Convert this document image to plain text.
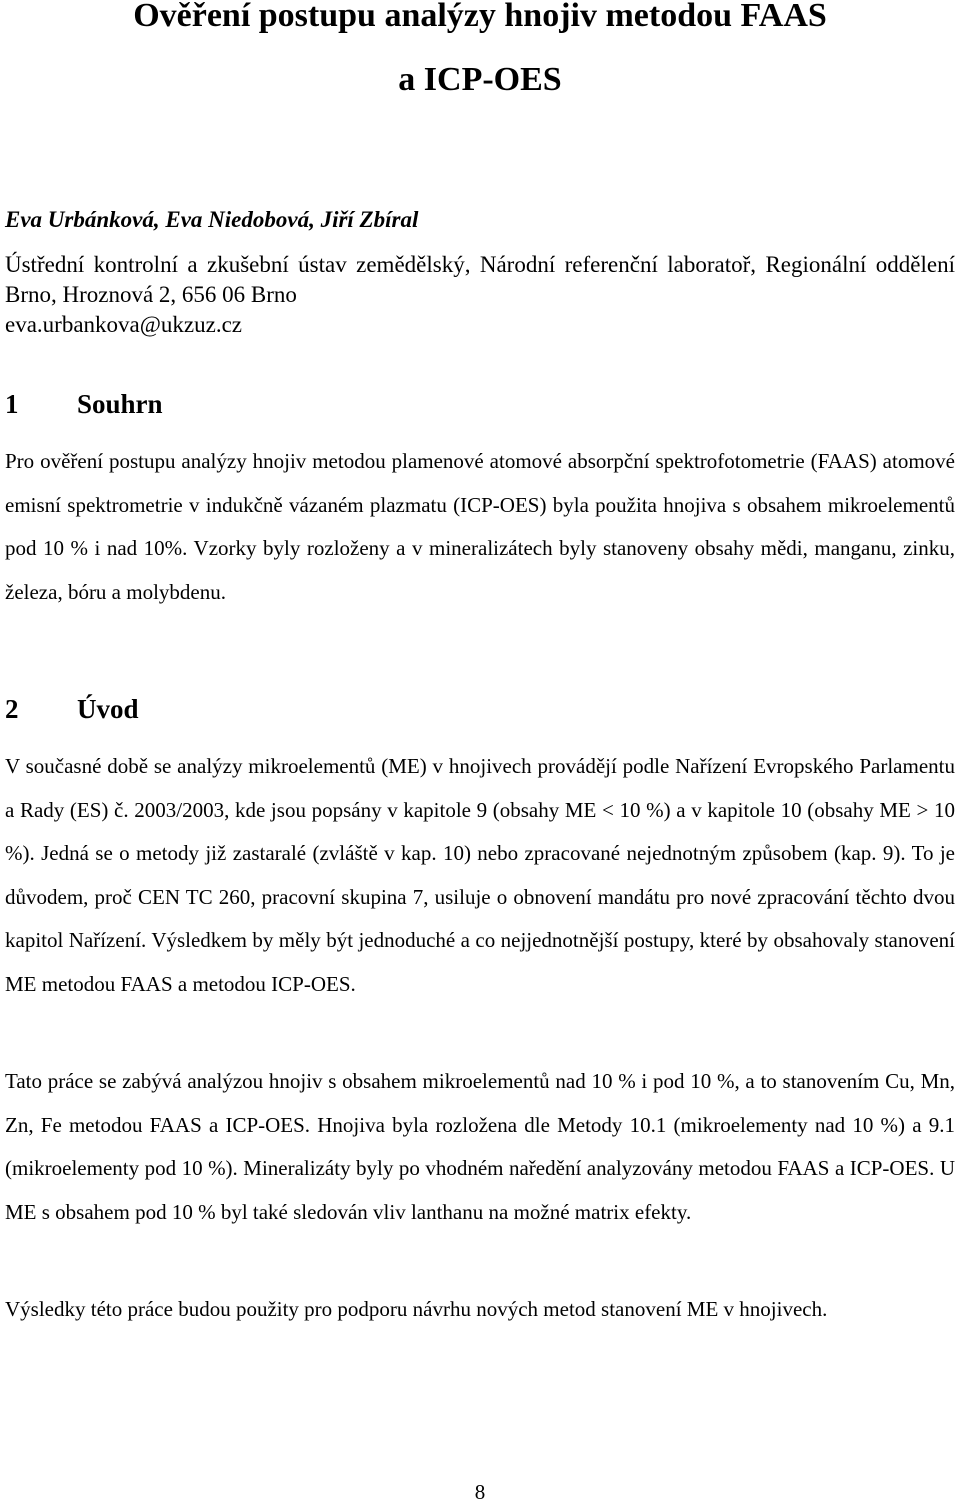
Ověření postupu analýzy hnojiv metodou FAAS
a ICP-OES

Eva Urbánková, Eva Niedobová, Jiří Zbíral

Ústřední kontrolní a zkušební ústav zemědělský, Národní referenční laboratoř, Regionální oddělení Brno, Hroznová 2, 656 06 Brno

eva.urbankova@ukzuz.cz

1	Souhrn

Pro ověření postupu analýzy hnojiv metodou plamenové atomové absorpční spektrofotometrie (FAAS) atomové emisní spektrometrie v indukčně vázaném plazmatu (ICP-OES) byla použita hnojiva s obsahem mikroelementů pod 10 % i nad 10%. Vzorky byly rozloženy a v mineralizátech byly stanoveny obsahy mědi, manganu, zinku, železa, bóru a molybdenu.

2	Úvod

V současné době se analýzy mikroelementů (ME) v hnojivech provádějí podle Nařízení Evropského Parlamentu a Rady (ES) č. 2003/2003, kde jsou popsány v kapitole 9 (obsahy ME < 10 %) a v kapitole 10 (obsahy ME > 10 %). Jedná se o metody již zastaralé (zvláště v kap. 10) nebo zpracované nejednotným způsobem (kap. 9). To je důvodem, proč CEN TC 260, pracovní skupina 7, usiluje o obnovení mandátu pro nové zpracování těchto dvou kapitol Nařízení. Výsledkem by měly být jednoduché a co nejjednotnější postupy, které by obsahovaly stanovení ME metodou FAAS a metodou ICP-OES.

Tato práce se zabývá analýzou hnojiv s obsahem mikroelementů nad 10 % i pod 10 %, a to stanovením Cu, Mn, Zn, Fe metodou FAAS a ICP-OES. Hnojiva byla rozložena dle Metody 10.1 (mikroelementy nad 10 %) a 9.1 (mikroelementy pod 10 %). Mineralizáty byly po vhodném naředění analyzovány metodou FAAS a ICP-OES. U ME s obsahem pod 10 % byl také sledován vliv lanthanu na možné matrix efekty.

Výsledky této práce budou použity pro podporu návrhu nových metod stanovení ME v hnojivech.

8
